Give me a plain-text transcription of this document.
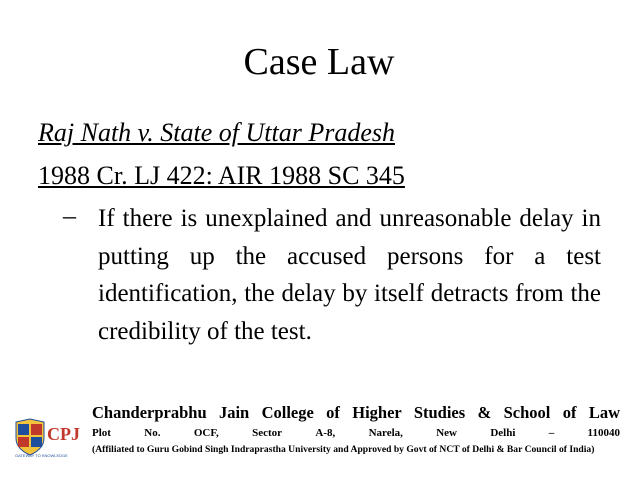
Case Law
Raj Nath v. State of Uttar Pradesh
1988 Cr. LJ 422: AIR 1988 SC 345
– If there is unexplained and unreasonable delay in putting up the accused persons for a test identification, the delay by itself detracts from the credibility of the test.

CPJ
GATEWAY TO KNOWLEDGE
Chanderprabhu Jain College of Higher Studies & School of Law
Plot	No.	OCF,	Sector	A-8,	Narela,	New	Delhi	–	110040
(Affiliated to Guru Gobind Singh Indraprastha University and Approved by Govt of NCT of Delhi & Bar Council of India)
